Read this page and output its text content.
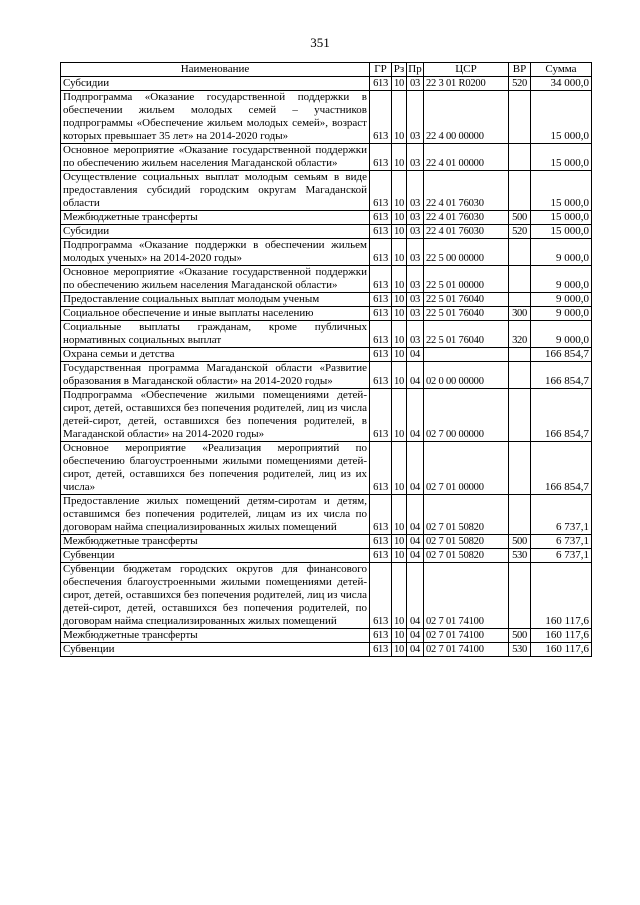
351
Наименование	ГР	Рз	Пр	ЦСР	ВР	Сумма
Субсидии	613	10	03	22 3 01 R0200	520	34 000,0
Подпрограмма «Оказание государственной поддержки в обеспечении жильем молодых семей – участников подпрограммы «Обеспечение жильем молодых семей», возраст которых превышает 35 лет» на 2014-2020 годы»	613	10	03	22 4 00 00000		15 000,0
Основное мероприятие «Оказание государственной поддержки по обеспечению жильем населения Магаданской области»	613	10	03	22 4 01 00000		15 000,0
Осуществление социальных выплат молодым семьям в виде предоставления субсидий городским округам Магаданской области	613	10	03	22 4 01 76030		15 000,0
Межбюджетные трансферты	613	10	03	22 4 01 76030	500	15 000,0
Субсидии	613	10	03	22 4 01 76030	520	15 000,0
Подпрограмма «Оказание поддержки в обеспечении жильем молодых ученых» на 2014-2020 годы»	613	10	03	22 5 00 00000		9 000,0
Основное мероприятие «Оказание государственной поддержки по обеспечению жильем населения Магаданской области»	613	10	03	22 5 01 00000		9 000,0
Предоставление социальных выплат молодым ученым	613	10	03	22 5 01 76040		9 000,0
Социальное обеспечение и иные выплаты населению	613	10	03	22 5 01 76040	300	9 000,0
Социальные выплаты гражданам, кроме публичных нормативных социальных выплат	613	10	03	22 5 01 76040	320	9 000,0
Охрана семьи и детства	613	10	04			166 854,7
Государственная программа Магаданской области «Развитие образования в Магаданской области» на 2014-2020 годы»	613	10	04	02 0 00 00000		166 854,7
Подпрограмма «Обеспечение жилыми помещениями детей-сирот, детей, оставшихся без попечения родителей, лиц из числа детей-сирот, детей, оставшихся без попечения родителей, в Магаданской области» на 2014-2020 годы»	613	10	04	02 7 00 00000		166 854,7
Основное мероприятие «Реализация мероприятий по обеспечению благоустроенными жилыми помещениями детей-сирот, детей, оставшихся без попечения родителей, лиц из их числа»	613	10	04	02 7 01 00000		166 854,7
Предоставление жилых помещений детям-сиротам и детям, оставшимся без попечения родителей, лицам из их числа по договорам найма специализированных жилых помещений	613	10	04	02 7 01 50820		6 737,1
Межбюджетные трансферты	613	10	04	02 7 01 50820	500	6 737,1
Субвенции	613	10	04	02 7 01 50820	530	6 737,1
Субвенции бюджетам городских округов для финансового обеспечения благоустроенными жилыми помещениями детей-сирот, детей, оставшихся без попечения родителей, лиц из числа детей-сирот, детей, оставшихся без попечения родителей, по договорам найма специализированных жилых помещений	613	10	04	02 7 01 74100		160 117,6
Межбюджетные трансферты	613	10	04	02 7 01 74100	500	160 117,6
Субвенции	613	10	04	02 7 01 74100	530	160 117,6
